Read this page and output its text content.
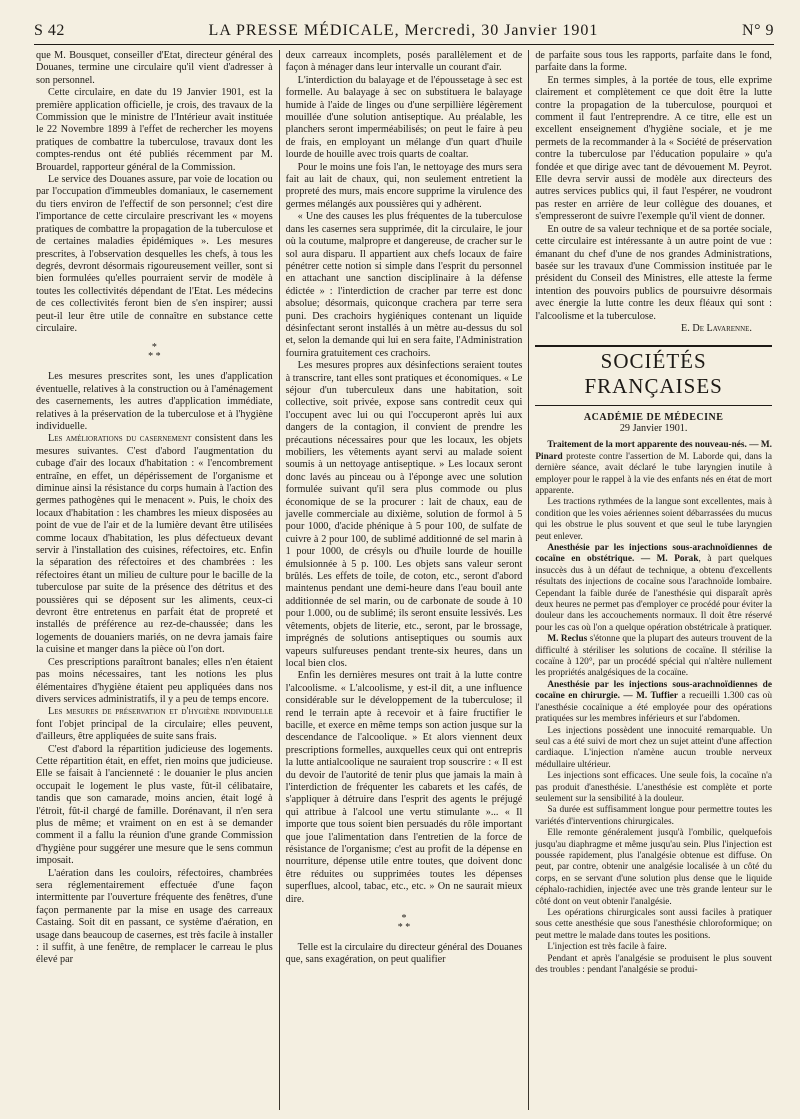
S 42	LA PRESSE MÉDICALE, Mercredi, 30 Janvier 1901	N° 9

que M. Bousquet, conseiller d'Etat, directeur général des Douanes, termine une circulaire qu'il vient d'adresser à son personnel.

Cette circulaire, en date du 19 Janvier 1901, est la première application officielle, je crois, des travaux de la Commission que le ministre de l'Intérieur avait instituée le 22 Novembre 1899 à l'effet de rechercher les moyens pratiques de combattre la tuberculose, travaux dont les comptes-rendus ont été publiés récemment par M. Brouardel, rapporteur général de la Commission.

Le service des Douanes assure, par voie de location ou par l'occupation d'immeubles domaniaux, le casernement du tiers environ de l'effectif de son personnel; c'est dire l'importance de cette circulaire prescrivant les « moyens pratiques de combattre la propagation de la tuberculose et de certaines maladies épidémiques ». Les mesures prescrites, à l'observation desquelles les chefs, à tous les degrés, devront désormais rigoureusement veiller, sont si bien formulées qu'elles pourraient servir de modèle à toutes les collectivités dépendant de l'Etat. Les médecins de ces collectivités feront bien de s'en inspirer; aussi peut-il leur être utile de connaître en substance cette circulaire.

*
* *

Les mesures prescrites sont, les unes d'application éventuelle, relatives à la construction ou à l'aménagement des casernements, les autres d'application immédiate, relatives à la préservation de la tuberculose et à l'hygiène individuelle.

Les améliorations du casernement consistent dans les mesures suivantes. C'est d'abord l'augmentation du cubage d'air des locaux d'habitation : « l'encombrement entraîne, en effet, un dépérissement de l'organisme et diminue ainsi la résistance du corps humain à l'action des germes pathogènes qui le menacent ». Puis, le choix des locaux d'habitation : les chambres les mieux disposées au point de vue de l'air et de la lumière devant être utilisées comme locaux d'habitation, les plus défectueux devant servir à l'installation des cuisines, réfectoires, etc. Enfin la séparation des réfectoires et des chambrées : les réfectoires étant un milieu de culture pour le bacille de la tuberculose par suite de la présence des détritus et des poussières qui se déposent sur les aliments, ceux-ci devront être entretenus en parfait état de propreté et installés de préférence au rez-de-chaussée; dans les logements de douaniers mariés, on ne devra jamais faire la cuisine et manger dans la pièce où l'on dort.

Ces prescriptions paraîtront banales; elles n'en étaient pas moins nécessaires, tant les notions les plus élémentaires d'hygiène étaient peu appliquées dans nos divers services administratifs, il y a peu de temps encore.

Les mesures de préservation et d'hygiène individuelle font l'objet principal de la circulaire; elles peuvent, d'ailleurs, être appliquées de suite sans frais.

C'est d'abord la répartition judicieuse des logements. Cette répartition était, en effet, rien moins que judicieuse. Elle se faisait à l'ancienneté : le douanier le plus ancien occupait le logement le plus vaste, fût-il célibataire, tandis que son camarade, moins ancien, était logé à l'étroit, fût-il chargé de famille. Dorénavant, il n'en sera plus de même; et vraiment on en est à se demander comment il a fallu la réunion d'une grande Commission d'hygiène pour suggérer une mesure que le sens commun imposait.

L'aération dans les couloirs, réfectoires, chambrées sera réglementairement effectuée d'une façon intermittente par l'ouverture fréquente des fenêtres, d'une façon permanente par la mise en usage des carreaux Castaing. Soit dit en passant, ce système d'aération, en usage dans beaucoup de casernes, est très facile à installer : il suffit, à une fenêtre, de remplacer le carreau le plus élevé par

deux carreaux incomplets, posés parallèlement et de façon à ménager dans leur intervalle un courant d'air.

L'interdiction du balayage et de l'époussetage à sec est formelle. Au balayage à sec on substituera le balayage humide à l'aide de linges ou d'une serpillière légèrement mouillée d'une solution antiseptique. Au préalable, les planchers seront imperméabilisés; on peut le faire à peu de frais, en employant un mélange d'un quart d'huile lourde de houille avec trois quarts de coaltar.

Pour le moins une fois l'an, le nettoyage des murs sera fait au lait de chaux, qui, non seulement entretient la propreté des murs, mais encore supprime la virulence des germes mélangés aux poussières qui y adhèrent.

« Une des causes les plus fréquentes de la tuberculose dans les casernes sera supprimée, dit la circulaire, le jour où la coutume, malpropre et dangereuse, de cracher sur le sol aura disparu. Il appartient aux chefs locaux de faire pénétrer cette notion si simple dans l'esprit du personnel en attachant une sanction disciplinaire à la défense édictée » : l'interdiction de cracher par terre est donc absolue; désormais, quiconque crachera par terre sera puni. Des crachoirs hygiéniques contenant un liquide désinfectant seront installés à un mètre au-dessus du sol et, selon la demande qui lui en sera faite, l'Administration fournira gratuitement ces crachoirs.

Les mesures propres aux désinfections seraient toutes à transcrire, tant elles sont pratiques et économiques. « Le séjour d'un tuberculeux dans une habitation, soit collective, soit privée, expose sans contredit ceux qui l'occupent avec lui ou qui l'occuperont après lui aux dangers de la contagion, il convient de prendre les précautions nécessaires pour que les locaux, les objets mobiliers, les vêtements ayant servi au malade soient soumis à un nettoyage antiseptique. » Les locaux seront donc lavés au pinceau ou à l'éponge avec une solution formulée suivant qu'il sera plus commode ou plus économique de se la procurer : lait de chaux, eau de javelle commerciale au dixième, solution de formol à 5 pour 1000, d'acide phénique à 5 pour 100, de sulfate de cuivre à 2 pour 100, de sublimé additionné de sel marin à 1 pour 1000, de crésyls ou d'huile lourde de houille émulsionnée à 5 p. 100. Les objets sans valeur seront brûlés. Les effets de toile, de coton, etc., seront d'abord maintenus pendant une demi-heure dans l'eau bouil ante additionnée de sel marin, ou de carbonate de soude à 10 pour 1.000, ou de sublimé; ils seront ensuite lessivés. Les vêtements, objets de literie, etc., seront, par le brossage, imprégnés de solutions antiseptiques ou soumis aux vapeurs sulfureuses pendant trente-six heures, dans un local bien clos.

Enfin les dernières mesures ont trait à la lutte contre l'alcoolisme. « L'alcoolisme, y est-il dit, a une influence considérable sur le développement de la tuberculose; il rend le terrain apte à recevoir et à faire fructifier le bacille, et exerce en même temps son action jusque sur la descendance de l'alcoolique. » Et alors viennent deux prescriptions formelles, auxquelles ceux qui ont entrepris la lutte antialcoolique ne sauraient trop souscrire : « Il est du devoir de l'autorité de tenir plus que jamais la main à l'interdiction de fréquenter les cabarets et les cafés, de s'appliquer à détruire dans l'esprit des agents le préjugé qui attribue à l'alcool une vertu stimulante »... « Il importe que tous soient bien persuadés du rôle important que joue l'alimentation dans l'entretien de la force de résistance de l'organisme; c'est au profit de la dépense en nourriture, dépense utile entre toutes, que doivent donc être réduites ou supprimées toutes les dépenses superflues, alcool, tabac, etc., etc. » On ne saurait mieux dire.

*
* *

Telle est la circulaire du directeur général des Douanes que, sans exagération, on peut qualifier

de parfaite sous tous les rapports, parfaite dans le fond, parfaite dans la forme.

En termes simples, à la portée de tous, elle exprime clairement et complètement ce que doit être la lutte contre la propagation de la tuberculose, pourquoi et comment il faut l'entreprendre. A ce titre, elle est un excellent enseignement d'hygiène sociale, et je me permets de la recommander à la « Société de préservation contre la tuberculose par l'éducation populaire » qu'a fondée et que dirige avec tant de dévouement M. Peyrot. Elle devra servir aussi de modèle aux directeurs des autres services publics qui, il faut l'espérer, ne voudront pas rester en arrière de leur collègue des douanes, et s'empresseront de suivre l'exemple qu'il vient de donner.

En outre de sa valeur technique et de sa portée sociale, cette circulaire est intéressante à un autre point de vue : émanant du chef d'une de nos grandes Administrations, basée sur les travaux d'une Commission instituée par le président du Conseil des Ministres, elle atteste la ferme intention des pouvoirs publics de poursuivre désormais avec énergie la lutte contre les deux fléaux qui sont : l'alcoolisme et la tuberculose.

E. De Lavarenne.
SOCIÉTÉS FRANÇAISES
ACADÉMIE DE MÉDECINE
29 Janvier 1901.

Traitement de la mort apparente des nouveau-nés. — M. Pinard proteste contre l'assertion de M. Laborde qui, dans la dernière séance, avait déclaré le tube laryngien inutile à employer pour le rappel à la vie des enfants nés en état de mort apparente.

Les tractions rythmées de la langue sont excellentes, mais à condition que les voies aériennes soient débarrassées du mucus qui les obstrue le plus souvent et que seul le tube laryngien peut enlever.

Anesthésie par les injections sous-arachnoïdiennes de cocaïne en obstétrique. — M. Porak, à part quelques insuccès dus à un défaut de technique, a obtenu d'excellents résultats des injections de cocaïne sous l'arachnoïde lombaire. Cependant la faible durée de l'anesthésie qui disparaît après deux heures ne permet pas d'employer ce procédé pour éviter la douleur dans les accouchements normaux. Il doit être réservé pour les cas où l'on a quelque opération obstétricale à pratiquer.

M. Reclus s'étonne que la plupart des auteurs trouvent de la difficulté à stériliser les solutions de cocaïne. Il stérilise la cocaïne à 120°, par un procédé spécial qui n'altère nullement les propriétés analgésiques de la cocaïne.

Anesthésie par les injections sous-arachnoïdiennes de cocaïne en chirurgie. — M. Tuffier a recueilli 1.300 cas où l'anesthésie cocaïnique a été employée pour des opérations pratiquées sur les membres inférieurs et sur l'abdomen.

Les injections possèdent une innocuité remarquable. Un seul cas a été suivi de mort chez un sujet atteint d'une affection cardiaque. L'injection n'amène aucun trouble nerveux médullaire ultérieur.

Les injections sont efficaces. Une seule fois, la cocaïne n'a pas produit d'anesthésie. L'anesthésie est complète et porte seulement sur la sensibilité à la douleur.

Sa durée est suffisamment longue pour permettre toutes les variétés d'interventions chirurgicales.

Elle remonte généralement jusqu'à l'ombilic, quelquefois jusqu'au diaphragme et même jusqu'au sein. Plus l'injection est poussée rapidement, plus l'analgésie obtenue est diffuse. On peut, par contre, obtenir une analgésie localisée à un côté du corps, en se servant d'une solution plus dense que le liquide céphalo-rachidien, injectée avec une très grande lenteur sur le côté dont on veut obtenir l'analgésie.

Les opérations chirurgicales sont aussi faciles à pratiquer sous cette anesthésie que sous l'anesthésie chloroformique; on peut mettre le malade dans toutes les positions.

L'injection est très facile à faire.

Pendant et après l'analgésie se produisent le plus souvent des troubles : pendant l'analgésie se produi-
